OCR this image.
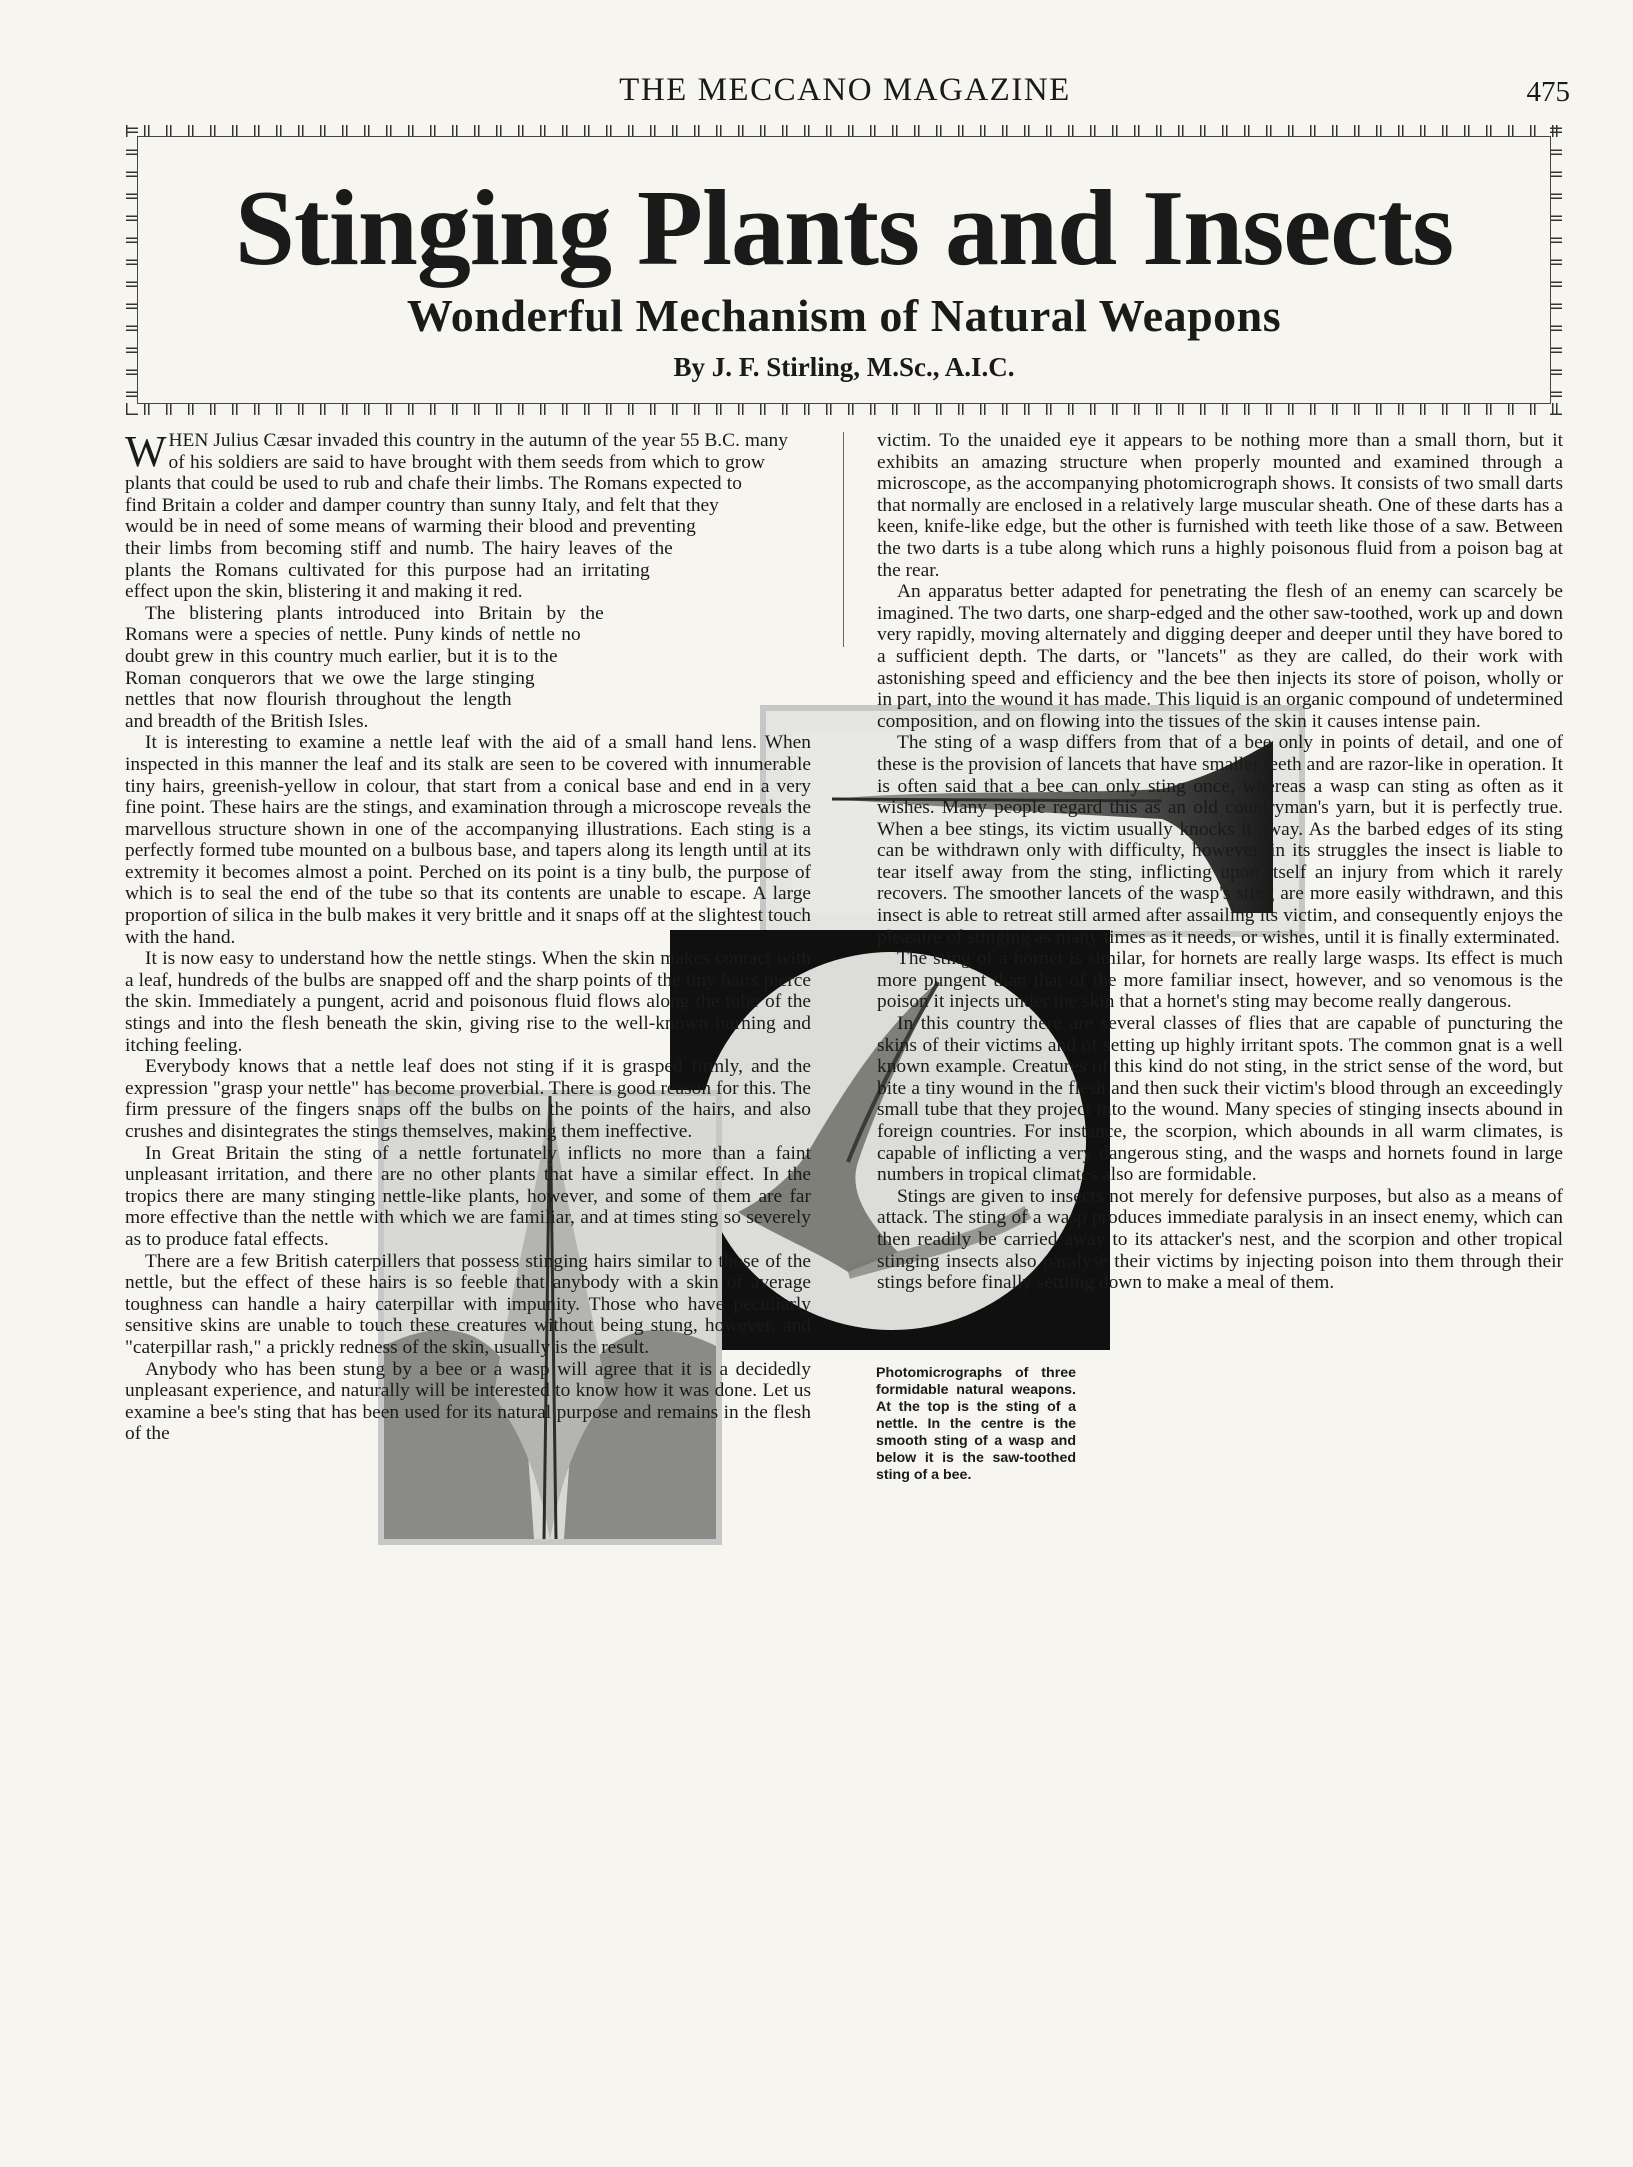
THE MECCANO MAGAZINE	475
Stinging Plants and Insects
Wonderful Mechanism of Natural Weapons
By J. F. Stirling, M.Sc., A.I.C.
Photomicrographs of three formidable natural weapons. At the top is the sting of a nettle. In the centre is the smooth sting of a wasp and below it is the saw-toothed sting of a bee.

WHEN Julius Cæsar invaded this country in the autumn of the year 55 B.C. many of his soldiers are said to have brought with them seeds from which to grow plants that could be used to rub and chafe their limbs. The Romans expected to find Britain a colder and damper country than sunny Italy, and felt that they would be in need of some means of warming their blood and preventing their limbs from becoming stiff and numb. The hairy leaves of the plants the Romans cultivated for this purpose had an irritating effect upon the skin, blistering it and making it red.

The blistering plants introduced into Britain by the Romans were a species of nettle. Puny kinds of nettle no doubt grew in this country much earlier, but it is to the Roman conquerors that we owe the large stinging nettles that now flourish throughout the length and breadth of the British Isles.

It is interesting to examine a nettle leaf with the aid of a small hand lens. When inspected in this manner the leaf and its stalk are seen to be covered with innumerable tiny hairs, greenish-yellow in colour, that start from a conical base and end in a very fine point. These hairs are the stings, and examination through a microscope reveals the marvellous structure shown in one of the accompanying illustrations. Each sting is a perfectly formed tube mounted on a bulbous base, and tapers along its length until at its extremity it becomes almost a point. Perched on its point is a tiny bulb, the purpose of which is to seal the end of the tube so that its contents are unable to escape. A large proportion of silica in the bulb makes it very brittle and it snaps off at the slightest touch with the hand.

It is now easy to understand how the nettle stings. When the skin makes contact with a leaf, hundreds of the bulbs are snapped off and the sharp points of the tiny hairs pierce the skin. Immediately a pungent, acrid and poisonous fluid flows along the tube of the stings and into the flesh beneath the skin, giving rise to the well-known burning and itching feeling.

Everybody knows that a nettle leaf does not sting if it is grasped firmly, and the expression "grasp your nettle" has become proverbial. There is good reason for this. The firm pressure of the fingers snaps off the bulbs on the points of the hairs, and also crushes and disintegrates the stings themselves, making them ineffective.

In Great Britain the sting of a nettle fortunately inflicts no more than a faint unpleasant irritation, and there are no other plants that have a similar effect. In the tropics there are many stinging nettle-like plants, however, and some of them are far more effective than the nettle with which we are familiar, and at times sting so severely as to produce fatal effects.

There are a few British caterpillers that possess stinging hairs similar to those of the nettle, but the effect of these hairs is so feeble that anybody with a skin of average toughness can handle a hairy caterpillar with impunity. Those who have peculiarly sensitive skins are unable to touch these creatures without being stung, however, and "caterpillar rash," a prickly redness of the skin, usually is the result.

Anybody who has been stung by a bee or a wasp will agree that it is a decidedly unpleasant experience, and naturally will be interested to know how it was done. Let us examine a bee's sting that has been used for its natural purpose and remains in the flesh of the

victim. To the unaided eye it appears to be nothing more than a small thorn, but it exhibits an amazing structure when properly mounted and examined through a microscope, as the accompanying photomicrograph shows. It consists of two small darts that normally are enclosed in a relatively large muscular sheath. One of these darts has a keen, knife-like edge, but the other is furnished with teeth like those of a saw. Between the two darts is a tube along which runs a highly poisonous fluid from a poison bag at the rear.

An apparatus better adapted for penetrating the flesh of an enemy can scarcely be imagined. The two darts, one sharp-edged and the other saw-toothed, work up and down very rapidly, moving alternately and digging deeper and deeper until they have bored to a sufficient depth. The darts, or "lancets" as they are called, do their work with astonishing speed and efficiency and the bee then injects its store of poison, wholly or in part, into the wound it has made. This liquid is an organic compound of undetermined composition, and on flowing into the tissues of the skin it causes intense pain.

The sting of a wasp differs from that of a bee only in points of detail, and one of these is the provision of lancets that have smaller teeth and are razor-like in operation. It is often said that a bee can only sting once, whereas a wasp can sting as often as it wishes. Many people regard this as an old countryman's yarn, but it is perfectly true. When a bee stings, its victim usually knocks it away. As the barbed edges of its sting can be withdrawn only with difficulty, however, in its struggles the insect is liable to tear itself away from the sting, inflicting upon itself an injury from which it rarely recovers. The smoother lancets of the wasp's sting are more easily withdrawn, and this insect is able to retreat still armed after assailing its victim, and consequently enjoys the pleasure of stinging as many times as it needs, or wishes, until it is finally exterminated.

The sting of a hornet is similar, for hornets are really large wasps. Its effect is much more pungent than that of the more familiar insect, however, and so venomous is the poison it injects under the skin that a hornet's sting may become really dangerous.

In this country there are several classes of flies that are capable of puncturing the skins of their victims and of setting up highly irritant spots. The common gnat is a well known example. Creatures of this kind do not sting, in the strict sense of the word, but bite a tiny wound in the flesh and then suck their victim's blood through an exceedingly small tube that they project into the wound. Many species of stinging insects abound in foreign countries. For instance, the scorpion, which abounds in all warm climates, is capable of inflicting a very dangerous sting, and the wasps and hornets found in large numbers in tropical climates also are formidable.

Stings are given to insects not merely for defensive purposes, but also as a means of attack. The sting of a wasp produces immediate paralysis in an insect enemy, which can then readily be carried away to its attacker's nest, and the scorpion and other tropical stinging insects also paralyse their victims by injecting poison into them through their stings before finally settling down to make a meal of them.
